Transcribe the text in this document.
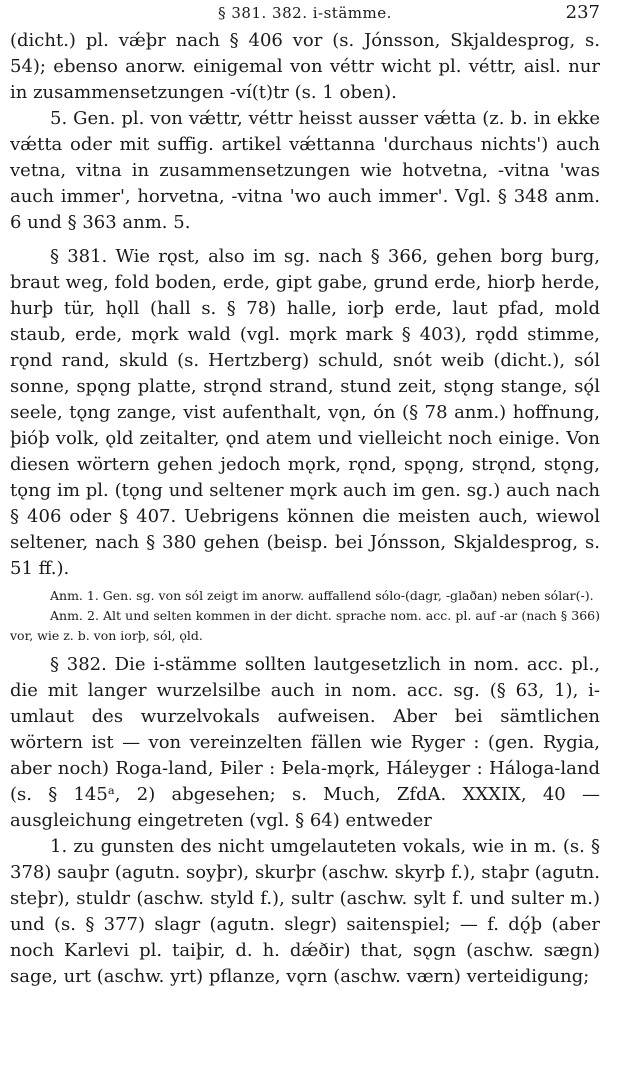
§ 381. 382. i-stämme.	237

(dicht.) pl. vǽþr nach § 406 vor (s. Jónsson, Skjaldesprog, s. 54); ebenso anorw. einigemal von véttr wicht pl. véttr, aisl. nur in zusammensetzungen -ví(t)tr (s. 1 oben).

5. Gen. pl. von vǽttr, véttr heisst ausser vǽtta (z. b. in ekke vǽtta oder mit suffig. artikel vǽttanna 'durchaus nichts') auch vetna, vitna in zusammensetzungen wie hotvetna, -vitna 'was auch immer', horvetna, -vitna 'wo auch immer'. Vgl. § 348 anm. 6 und § 363 anm. 5.

§ 381. Wie rǫst, also im sg. nach § 366, gehen borg burg, braut weg, fold boden, erde, gipt gabe, grund erde, hiorþ herde, hurþ tür, hǫll (hall s. § 78) halle, iorþ erde, laut pfad, mold staub, erde, mǫrk wald (vgl. mǫrk mark § 403), rǫdd stimme, rǫnd rand, skuld (s. Hertzberg) schuld, snót weib (dicht.), sól sonne, spǫng platte, strǫnd strand, stund zeit, stǫng stange, sǫ́l seele, tǫng zange, vist aufenthalt, vǫn, ón (§ 78 anm.) hoffnung, þióþ volk, ǫld zeitalter, ǫnd atem und vielleicht noch einige. Von diesen wörtern gehen jedoch mǫrk, rǫnd, spǫng, strǫnd, stǫng, tǫng im pl. (tǫng und seltener mǫrk auch im gen. sg.) auch nach § 406 oder § 407. Uebrigens können die meisten auch, wiewol seltener, nach § 380 gehen (beisp. bei Jónsson, Skjaldesprog, s. 51 ff.).

Anm. 1. Gen. sg. von sól zeigt im anorw. auffallend sólo-(dagr, -glaðan) neben sólar(-).

Anm. 2. Alt und selten kommen in der dicht. sprache nom. acc. pl. auf -ar (nach § 366) vor, wie z. b. von iorþ, sól, ǫld.

§ 382. Die i-stämme sollten lautgesetzlich in nom. acc. pl., die mit langer wurzelsilbe auch in nom. acc. sg. (§ 63, 1), i-umlaut des wurzelvokals aufweisen. Aber bei sämtlichen wörtern ist — von vereinzelten fällen wie Ryger : (gen. Rygia, aber noch) Roga-land, Þiler : Þela-mǫrk, Háleyger : Háloga-land (s. § 145ᵃ, 2) abgesehen; s. Much, ZfdA. XXXIX, 40 — ausgleichung eingetreten (vgl. § 64) entweder

1. zu gunsten des nicht umgelauteten vokals, wie in m. (s. § 378) sauþr (agutn. soyþr), skurþr (aschw. skyrþ f.), staþr (agutn. steþr), stuldr (aschw. styld f.), sultr (aschw. sylt f. und sulter m.) und (s. § 377) slagr (agutn. slegr) saitenspiel; — f. dǫ́þ (aber noch Karlevi pl. taiþir, d. h. dǽðir) that, sǫgn (aschw. sægn) sage, urt (aschw. yrt) pflanze, vǫrn (aschw. værn) verteidigung;
